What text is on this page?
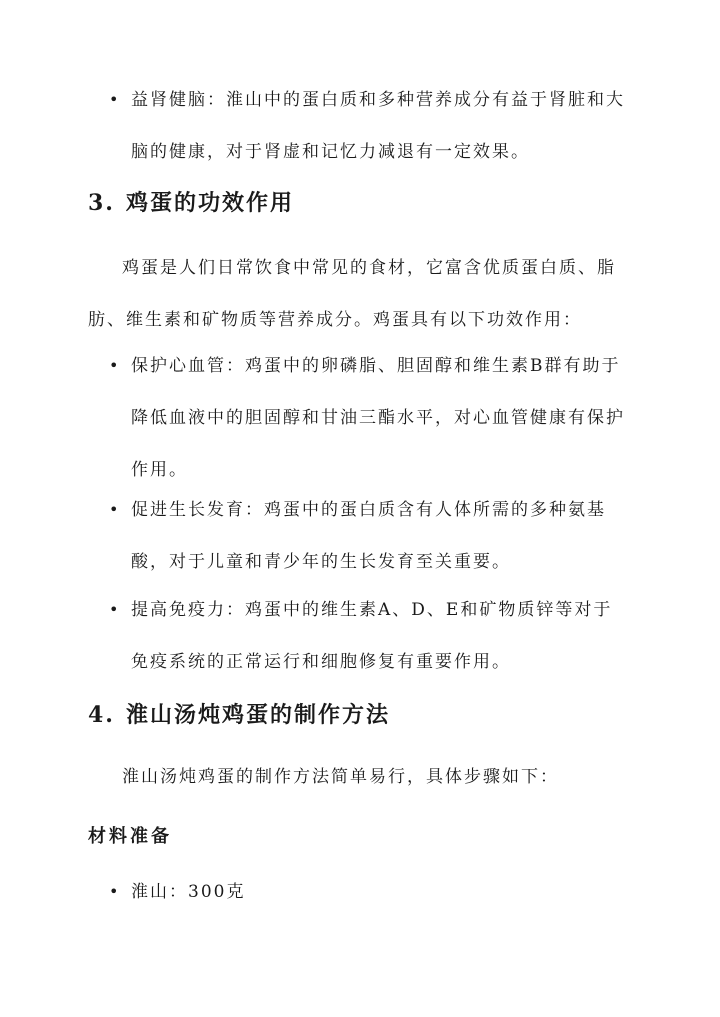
• 益肾健脑：淮山中的蛋白质和多种营养成分有益于肾脏和大脑的健康，对于肾虚和记忆力减退有一定效果。
3. 鸡蛋的功效作用
鸡蛋是人们日常饮食中常见的食材，它富含优质蛋白质、脂肪、维生素和矿物质等营养成分。鸡蛋具有以下功效作用：
• 保护心血管：鸡蛋中的卵磷脂、胆固醇和维生素B群有助于降低血液中的胆固醇和甘油三酯水平，对心血管健康有保护作用。
• 促进生长发育：鸡蛋中的蛋白质含有人体所需的多种氨基酸，对于儿童和青少年的生长发育至关重要。
• 提高免疫力：鸡蛋中的维生素A、D、E和矿物质锌等对于免疫系统的正常运行和细胞修复有重要作用。
4. 淮山汤炖鸡蛋的制作方法
淮山汤炖鸡蛋的制作方法简单易行，具体步骤如下：
材料准备
• 淮山：300克
